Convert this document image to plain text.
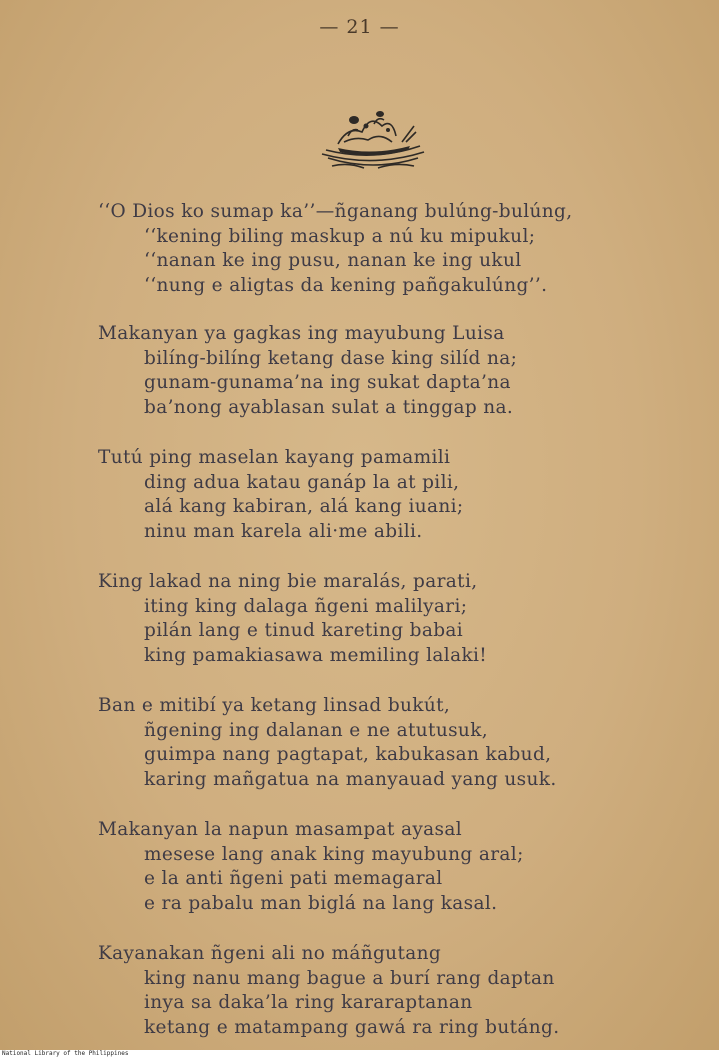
— 21 —
‘‘O Dios ko sumap ka’’—ñganang bulúng-bulúng,
‘‘kening biling maskup a nú ku mipukul;
‘‘nanan ke ing pusu, nanan ke ing ukul
‘‘nung e aligtas da kening pañgakulúng’’.
Makanyan ya gagkas ing mayubung Luisa
bilíng-bilíng ketang dase king silíd na;
gunam-gunama’na ing sukat dapta’na
ba’nong ayablasan sulat a tinggap na.
Tutú ping maselan kayang pamamili
ding adua katau ganáp la at pili,
alá kang kabiran, alá kang iuani;
ninu man karela ali·me abili.
King lakad na ning bie maralás, parati,
iting king dalaga ñgeni malilyari;
pilán lang e tinud kareting babai
king pamakiasawa memiling lalaki!
Ban e mitibí ya ketang linsad bukút,
ñgening ing dalanan e ne atutusuk,
guimpa nang pagtapat, kabukasan kabud,
karing mañgatua na manyauad yang usuk.
Makanyan la napun masampat ayasal
mesese lang anak king mayubung aral;
e la anti ñgeni pati memagaral
e ra pabalu man biglá na lang kasal.
Kayanakan ñgeni ali no máñgutang
king nanu mang bague a burí rang daptan
inya sa daka’la ring kararaptanan
ketang e matampang gawá ra ring butáng.
National Library of the Philippines
